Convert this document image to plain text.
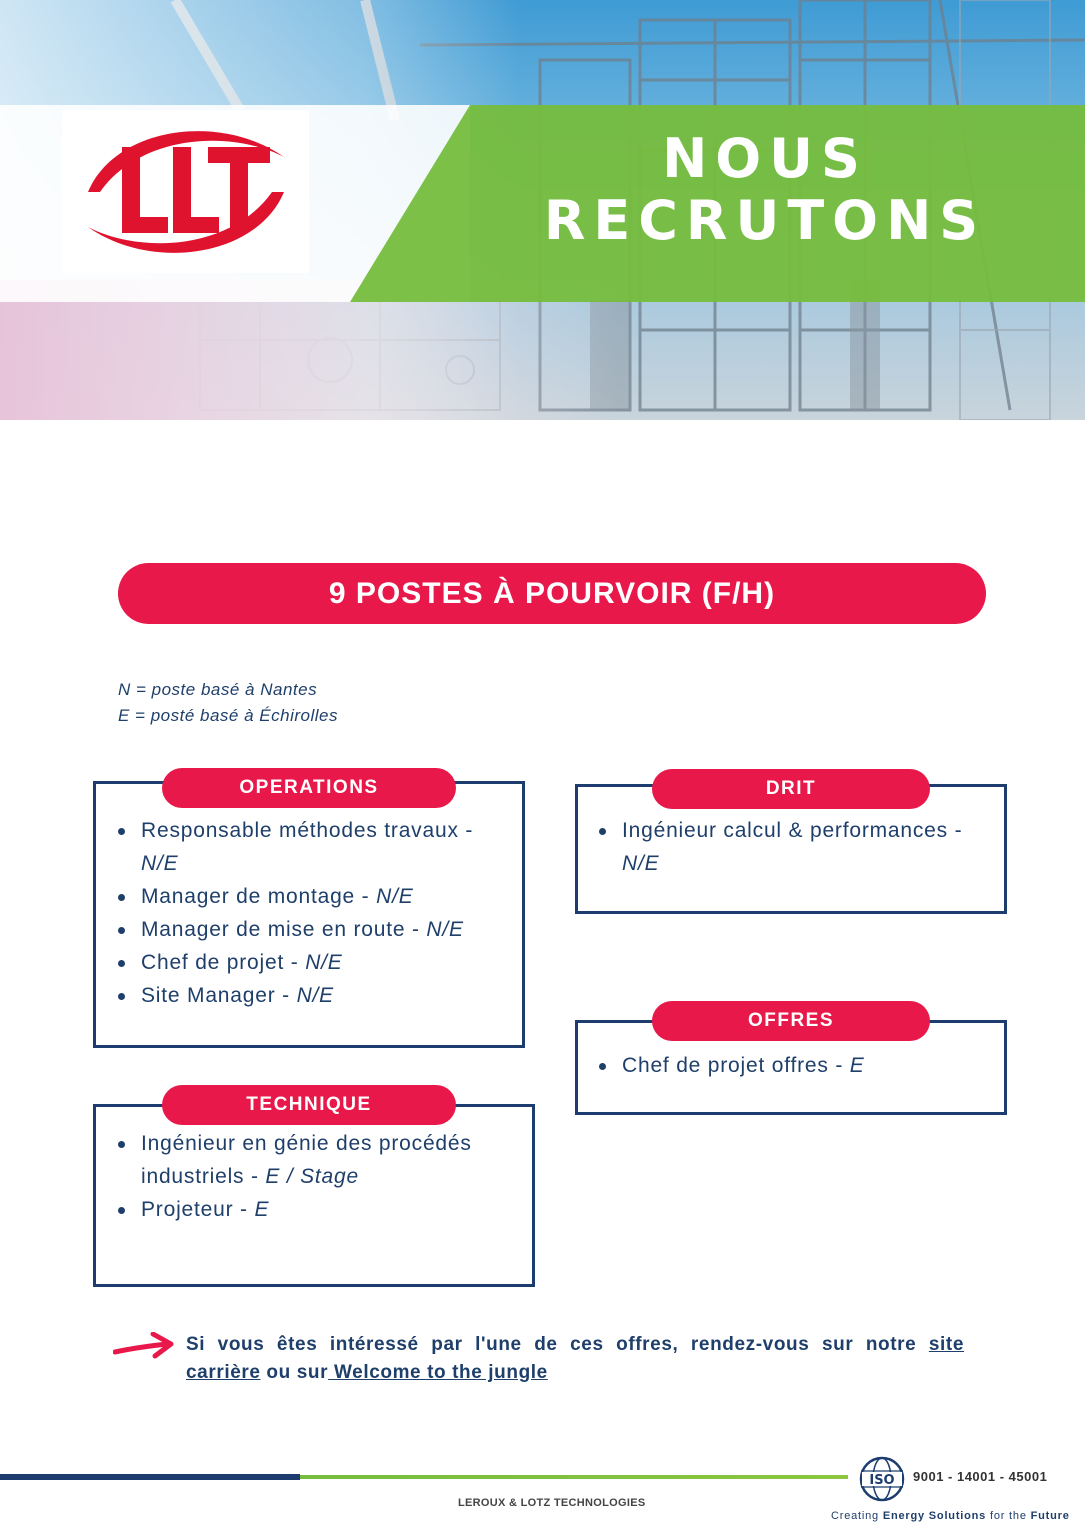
NOUS
RECRUTONS
9 POSTES À POURVOIR (F/H)
N = poste basé à Nantes
E = posté basé à Échirolles
OPERATIONS
Responsable méthodes travaux - N/E
Manager de montage - N/E
Manager de mise en route - N/E
Chef de projet - N/E
Site Manager - N/E
DRIT
Ingénieur calcul & performances - N/E
OFFRES
Chef de projet offres - E
TECHNIQUE
Ingénieur en génie des procédés industriels - E / Stage
Projeteur - E

Si vous êtes intéressé par l'une de ces offres, rendez-vous sur notre site carrière ou sur Welcome to the jungle

LEROUX & LOTZ TECHNOLOGIES
ISO 9001 - 14001 - 45001
Creating Energy Solutions for the Future
